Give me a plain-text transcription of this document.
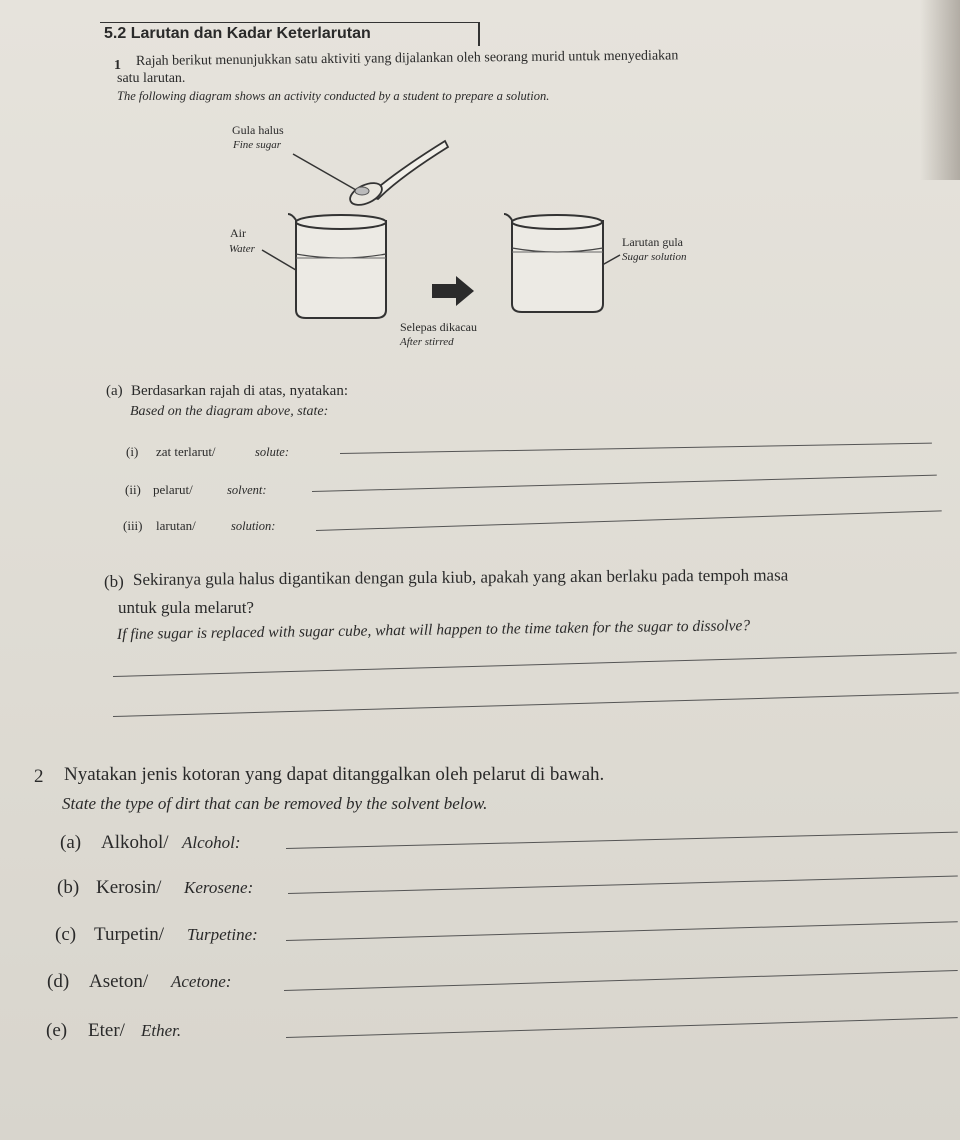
5.2 Larutan dan Kadar Keterlarutan
1 Rajah berikut menunjukkan satu aktiviti yang dijalankan oleh seorang murid untuk menyediakan
satu larutan.
The following diagram shows an activity conducted by a student to prepare a solution.
Gula halus
Fine sugar
Air
Water	Larutan gula
Sugar solution
Selepas dikacau
After stirred
(a) Berdasarkan rajah di atas, nyatakan:
Based on the diagram above, state:
(i) zat terlarut/	solute:
(ii) pelarut/	solvent:
(iii) larutan/	solution:
(b) Sekiranya gula halus digantikan dengan gula kiub, apakah yang akan berlaku pada tempoh masa
untuk gula melarut?
If fine sugar is replaced with sugar cube, what will happen to the time taken for the sugar to dissolve?
2 Nyatakan jenis kotoran yang dapat ditanggalkan oleh pelarut di bawah.
State the type of dirt that can be removed by the solvent below.
(a) Alkohol/ Alcohol:
(b) Kerosin/ Kerosene:
(c) Turpetin/ Turpetine:
(d) Aseton/ Acetone:
(e) Eter/ Ether.
